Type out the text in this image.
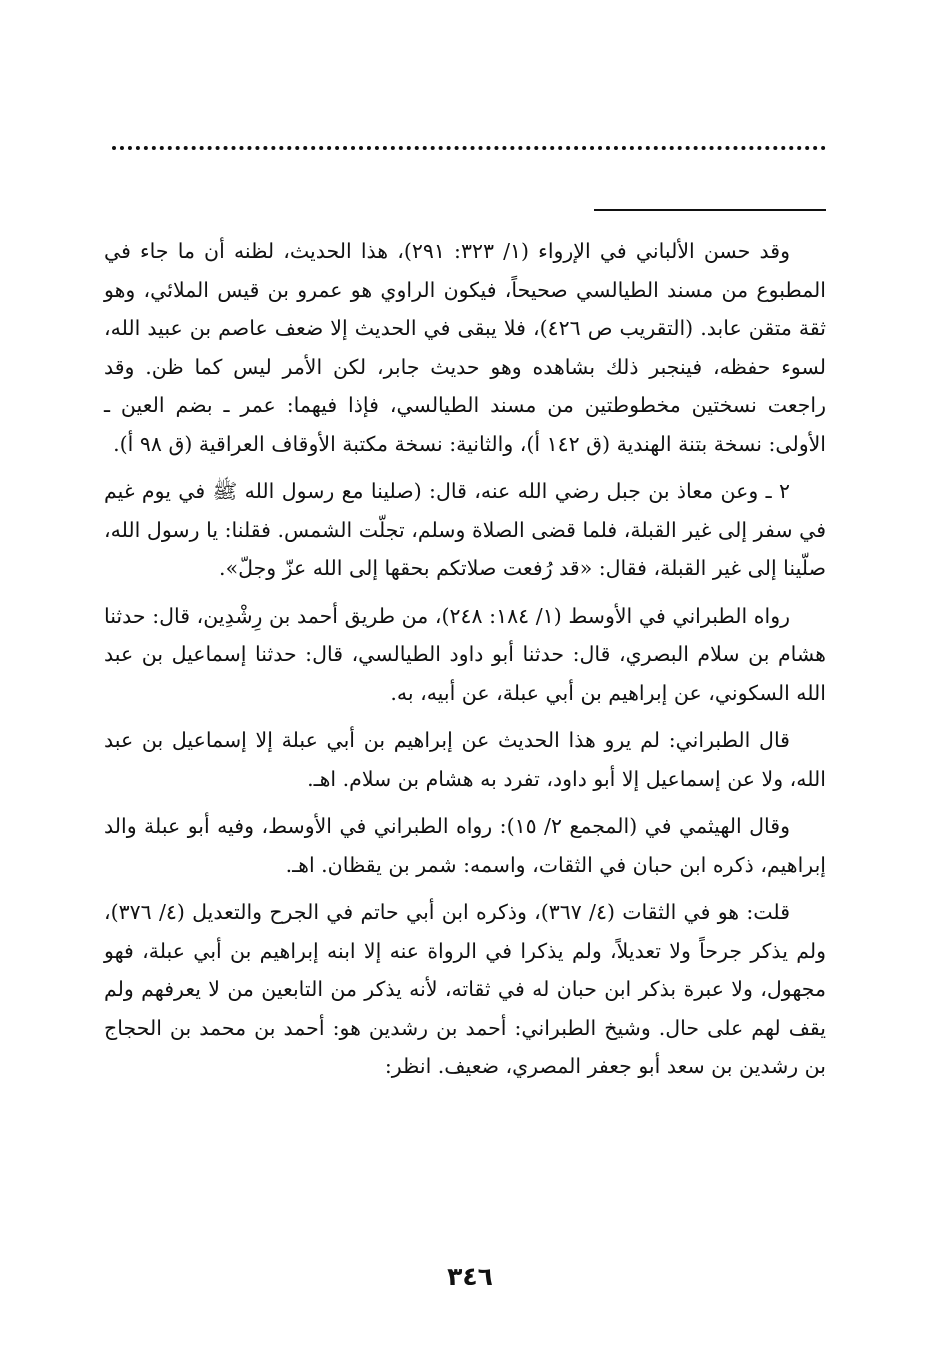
وقد حسن الألباني في الإرواء (١/ ٣٢٣: ٢٩١)، هذا الحديث، لظنه أن ما جاء في المطبوع من مسند الطيالسي صحيحاً، فيكون الراوي هو عمرو بن قيس الملائي، وهو ثقة متقن عابد. (التقريب ص ٤٢٦)، فلا يبقى في الحديث إلا ضعف عاصم بن عبيد الله، لسوء حفظه، فينجبر ذلك بشاهده وهو حديث جابر، لكن الأمر ليس كما ظن. وقد راجعت نسختين مخطوطتين من مسند الطيالسي، فإذا فيهما: عمر ـ بضم العين ـ الأولى: نسخة بتنة الهندية (ق ١٤٢ أ)، والثانية: نسخة مكتبة الأوقاف العراقية (ق ٩٨ أ).

٢ ـ وعن معاذ بن جبل رضي الله عنه، قال: (صلينا مع رسول الله ﷺ في يوم غيم في سفر إلى غير القبلة، فلما قضى الصلاة وسلم، تجلّت الشمس. فقلنا: يا رسول الله، صلّينا إلى غير القبلة، فقال: «قد رُفعت صلاتكم بحقها إلى الله عزّ وجلّ».

رواه الطبراني في الأوسط (١/ ١٨٤: ٢٤٨)، من طريق أحمد بن رِشْدِين، قال: حدثنا هشام بن سلام البصري، قال: حدثنا أبو داود الطيالسي، قال: حدثنا إسماعيل بن عبد الله السكوني، عن إبراهيم بن أبي عبلة، عن أبيه، به.

قال الطبراني: لم يرو هذا الحديث عن إبراهيم بن أبي عبلة إلا إسماعيل بن عبد الله، ولا عن إسماعيل إلا أبو داود، تفرد به هشام بن سلام. اهـ.

وقال الهيثمي في (المجمع ٢/ ١٥): رواه الطبراني في الأوسط، وفيه أبو عبلة والد إبراهيم، ذكره ابن حبان في الثقات، واسمه: شمر بن يقظان. اهـ.

قلت: هو في الثقات (٤/ ٣٦٧)، وذكره ابن أبي حاتم في الجرح والتعديل (٤/ ٣٧٦)، ولم يذكر جرحاً ولا تعديلاً، ولم يذكرا في الرواة عنه إلا ابنه إبراهيم بن أبي عبلة، فهو مجهول، ولا عبرة بذكر ابن حبان له في ثقاته، لأنه يذكر من التابعين من لا يعرفهم ولم يقف لهم على حال. وشيخ الطبراني: أحمد بن رشدين هو: أحمد بن محمد بن الحجاج بن رشدين بن سعد أبو جعفر المصري، ضعيف. انظر:

٣٤٦
